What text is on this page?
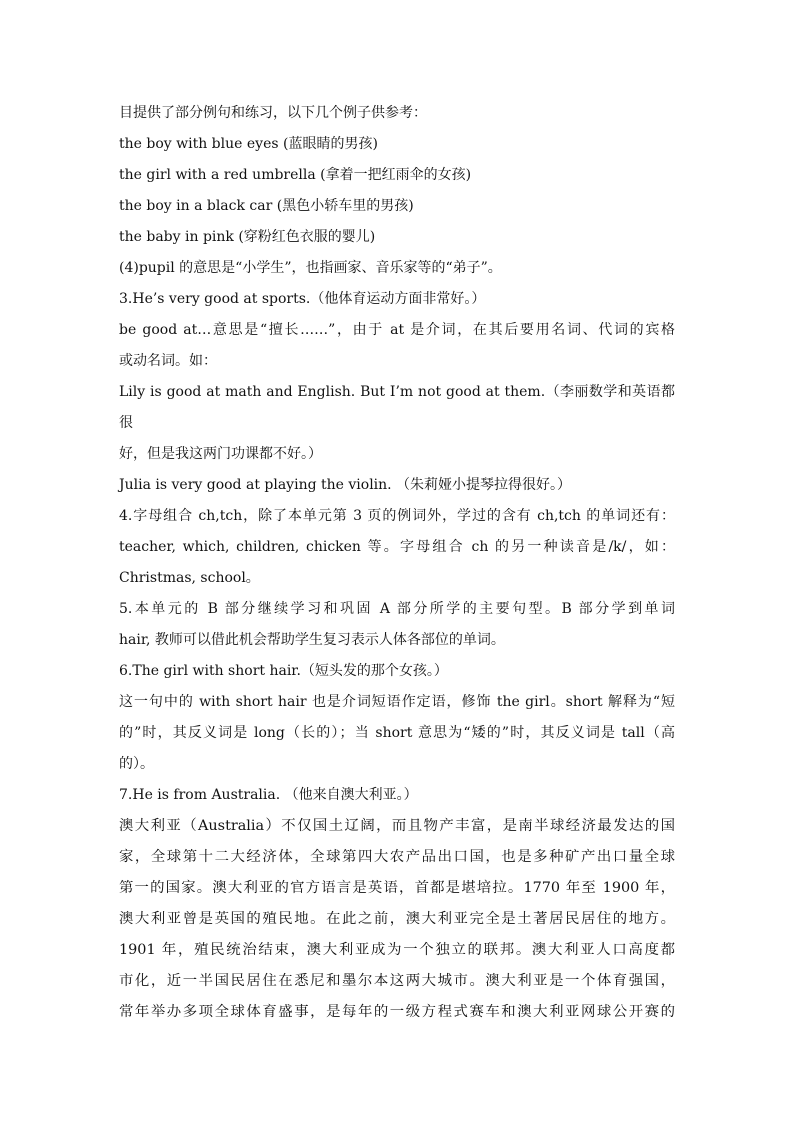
目提供了部分例句和练习，以下几个例子供参考：
the boy with blue eyes (蓝眼睛的男孩)
the girl with a red umbrella (拿着一把红雨伞的女孩)
the boy in a black car (黑色小轿车里的男孩)
the baby in pink (穿粉红色衣服的婴儿)
(4)pupil 的意思是“小学生”，也指画家、音乐家等的“弟子”。
3.He’s very good at sports.（他体育运动方面非常好。）
be good at…意思是“擅长……”，由于 at 是介词，在其后要用名词、代词的宾格
或动名词。如：
Lily is good at math and English. But I’m not good at them.（李丽数学和英语都很
好，但是我这两门功课都不好。）
Julia is very good at playing the violin. （朱莉娅小提琴拉得很好。）
4.字母组合 ch,tch，除了本单元第 3 页的例词外，学过的含有 ch,tch 的单词还有：
teacher, which, children, chicken 等。字母组合 ch 的另一种读音是/k/，如：
Christmas, school。
5.本单元的 B 部分继续学习和巩固 A 部分所学的主要句型。B 部分学到单词
hair, 教师可以借此机会帮助学生复习表示人体各部位的单词。
6.The girl with short hair.（短头发的那个女孩。）
这一句中的 with short hair 也是介词短语作定语，修饰 the girl。short 解释为“短
的”时，其反义词是 long（长的）；当 short 意思为“矮的”时，其反义词是 tall（高
的）。
7.He is from Australia. （他来自澳大利亚。）
澳大利亚（Australia）不仅国土辽阔，而且物产丰富，是南半球经济最发达的国
家，全球第十二大经济体，全球第四大农产品出口国，也是多种矿产出口量全球
第一的国家。澳大利亚的官方语言是英语，首都是堪培拉。1770 年至 1900 年，
澳大利亚曾是英国的殖民地。在此之前，澳大利亚完全是土著居民居住的地方。
1901 年，殖民统治结束，澳大利亚成为一个独立的联邦。澳大利亚人口高度都
市化，近一半国民居住在悉尼和墨尔本这两大城市。澳大利亚是一个体育强国，
常年举办多项全球体育盛事，是每年的一级方程式赛车和澳大利亚网球公开赛的
